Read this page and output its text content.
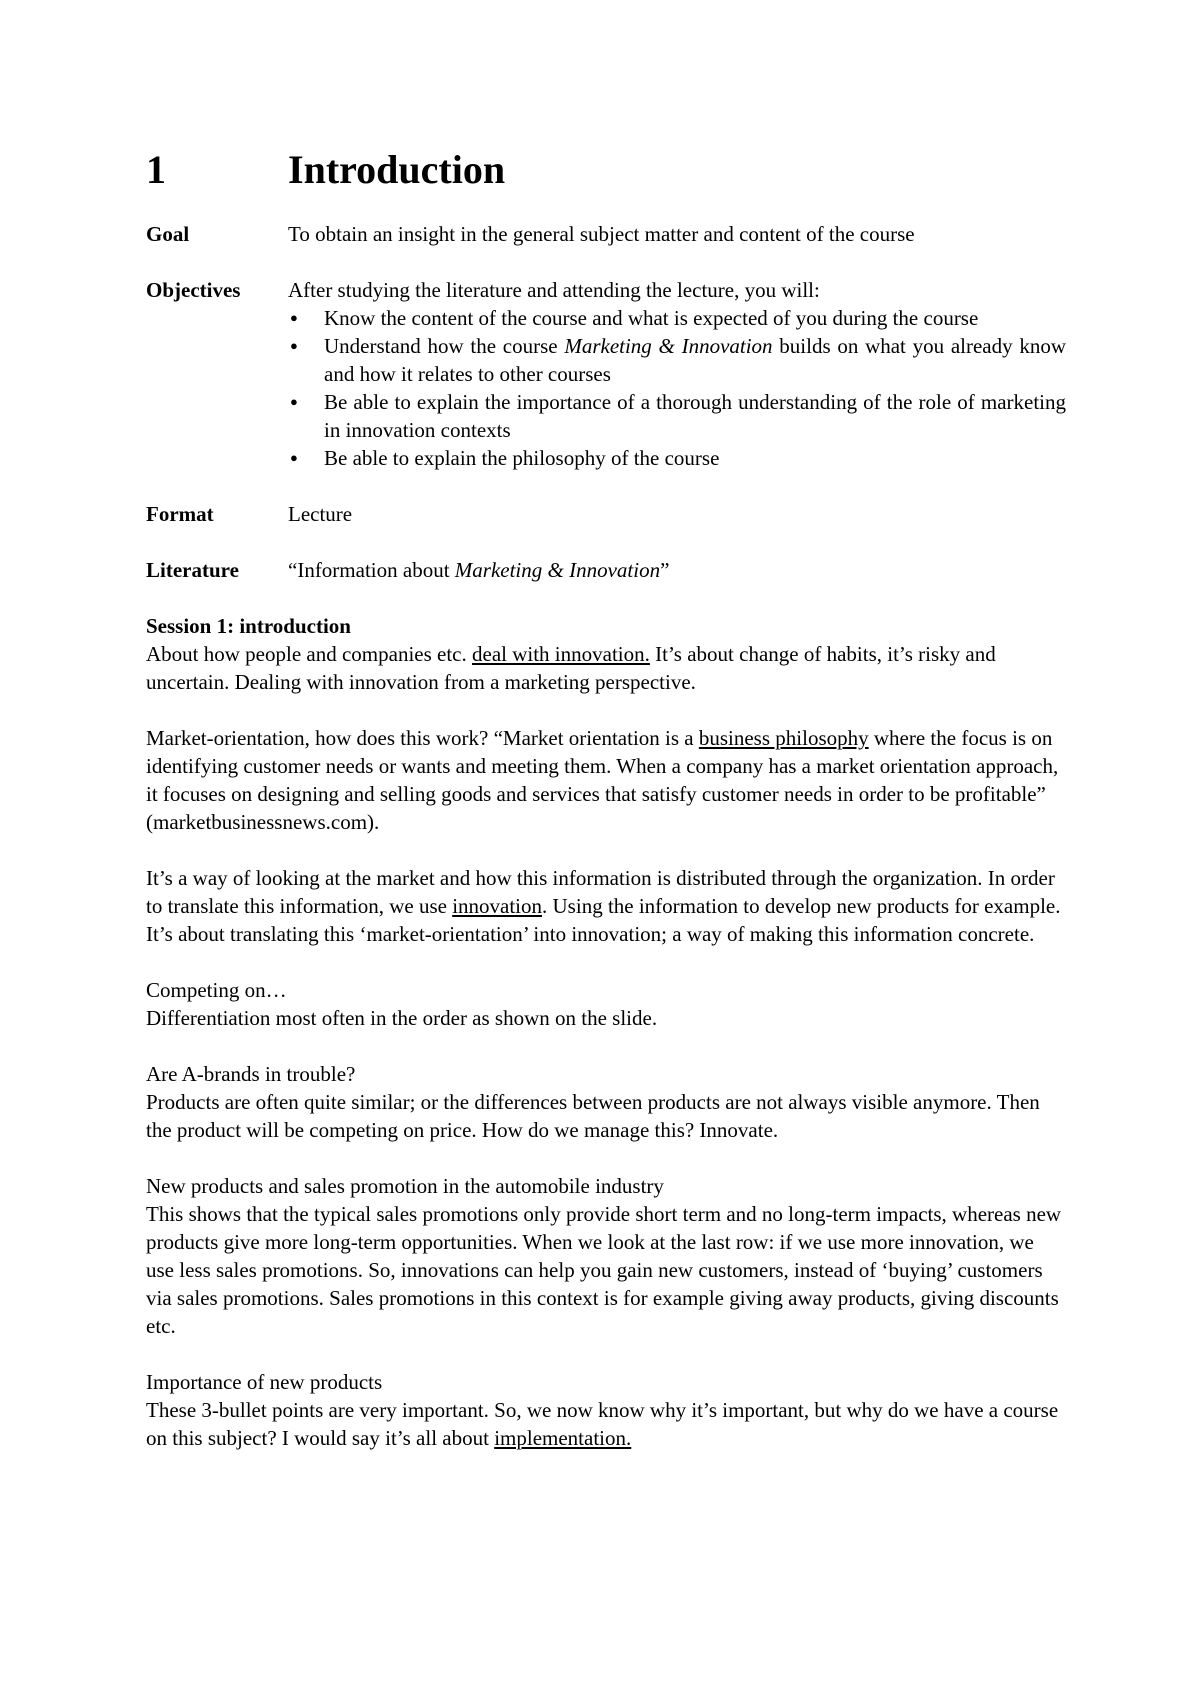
1	Introduction
Goal	To obtain an insight in the general subject matter and content of the course
Objectives	After studying the literature and attending the lecture, you will:
● Know the content of the course and what is expected of you during the course
● Understand how the course Marketing & Innovation builds on what you already know and how it relates to other courses
● Be able to explain the importance of a thorough understanding of the role of marketing in innovation contexts
● Be able to explain the philosophy of the course
Format	Lecture
Literature	“Information about Marketing & Innovation”
Session 1: introduction

About how people and companies etc. deal with innovation. It’s about change of habits, it’s risky and uncertain. Dealing with innovation from a marketing perspective.

Market-orientation, how does this work? “Market orientation is a business philosophy where the focus is on identifying customer needs or wants and meeting them. When a company has a market orientation approach, it focuses on designing and selling goods and services that satisfy customer needs in order to be profitable” (marketbusinessnews.com).

It’s a way of looking at the market and how this information is distributed through the organization. In order to translate this information, we use innovation. Using the information to develop new products for example. It’s about translating this ‘market-orientation’ into innovation; a way of making this information concrete.

Competing on…
Differentiation most often in the order as shown on the slide.

Are A-brands in trouble?
Products are often quite similar; or the differences between products are not always visible anymore. Then the product will be competing on price. How do we manage this? Innovate.

New products and sales promotion in the automobile industry
This shows that the typical sales promotions only provide short term and no long-term impacts, whereas new products give more long-term opportunities. When we look at the last row: if we use more innovation, we use less sales promotions. So, innovations can help you gain new customers, instead of ‘buying’ customers via sales promotions. Sales promotions in this context is for example giving away products, giving discounts etc.

Importance of new products
These 3-bullet points are very important. So, we now know why it’s important, but why do we have a course on this subject? I would say it’s all about implementation.
